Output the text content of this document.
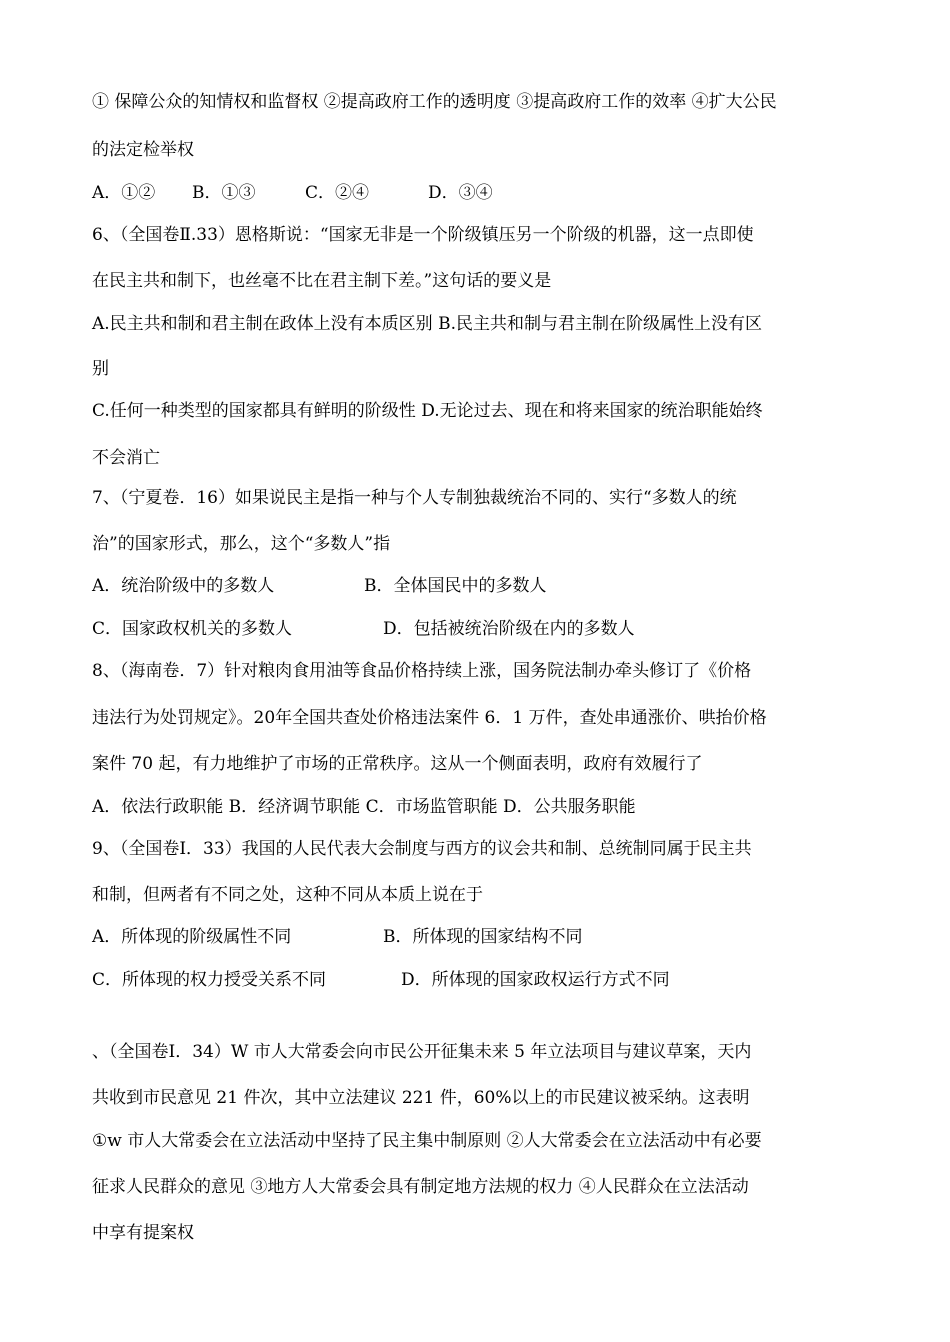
① 保障公众的知情权和监督权 ②提高政府工作的透明度 ③提高政府工作的效率 ④扩大公民
的法定检举权
A．①② B．①③	C．②④	D．③④
6、（全国卷Ⅱ.33）恩格斯说：“国家无非是一个阶级镇压另一个阶级的机器，这一点即使
在民主共和制下，也丝毫不比在君主制下差。”这句话的要义是
A.民主共和制和君主制在政体上没有本质区别 B.民主共和制与君主制在阶级属性上没有区
别
C.任何一种类型的国家都具有鲜明的阶级性 D.无论过去、现在和将来国家的统治职能始终
不会消亡
7、（宁夏卷．16）如果说民主是指一种与个人专制独裁统治不同的、实行“多数人的统
治”的国家形式，那么，这个“多数人”指
A．统治阶级中的多数人	B．全体国民中的多数人
C．国家政权机关的多数人	D．包括被统治阶级在内的多数人
8、（海南卷．7）针对粮肉食用油等食品价格持续上涨，国务院法制办牵头修订了《价格
违法行为处罚规定》。20年全国共查处价格违法案件 6．1 万件，查处串通涨价、哄抬价格
案件 70 起，有力地维护了市场的正常秩序。这从一个侧面表明，政府有效履行了
A．依法行政职能 B．经济调节职能 C．市场监管职能 D．公共服务职能
9、（全国卷Ⅰ．33）我国的人民代表大会制度与西方的议会共和制、总统制同属于民主共
和制，但两者有不同之处，这种不同从本质上说在于
A．所体现的阶级属性不同	B．所体现的国家结构不同
C．所体现的权力授受关系不同	D．所体现的国家政权运行方式不同
、（全国卷Ⅰ．34）W 市人大常委会向市民公开征集未来 5 年立法项目与建议草案，天内
共收到市民意见 21 件次，其中立法建议 221 件，60%以上的市民建议被采纳。这表明
①w 市人大常委会在立法活动中坚持了民主集中制原则 ②人大常委会在立法活动中有必要
征求人民群众的意见 ③地方人大常委会具有制定地方法规的权力 ④人民群众在立法活动
中享有提案权
